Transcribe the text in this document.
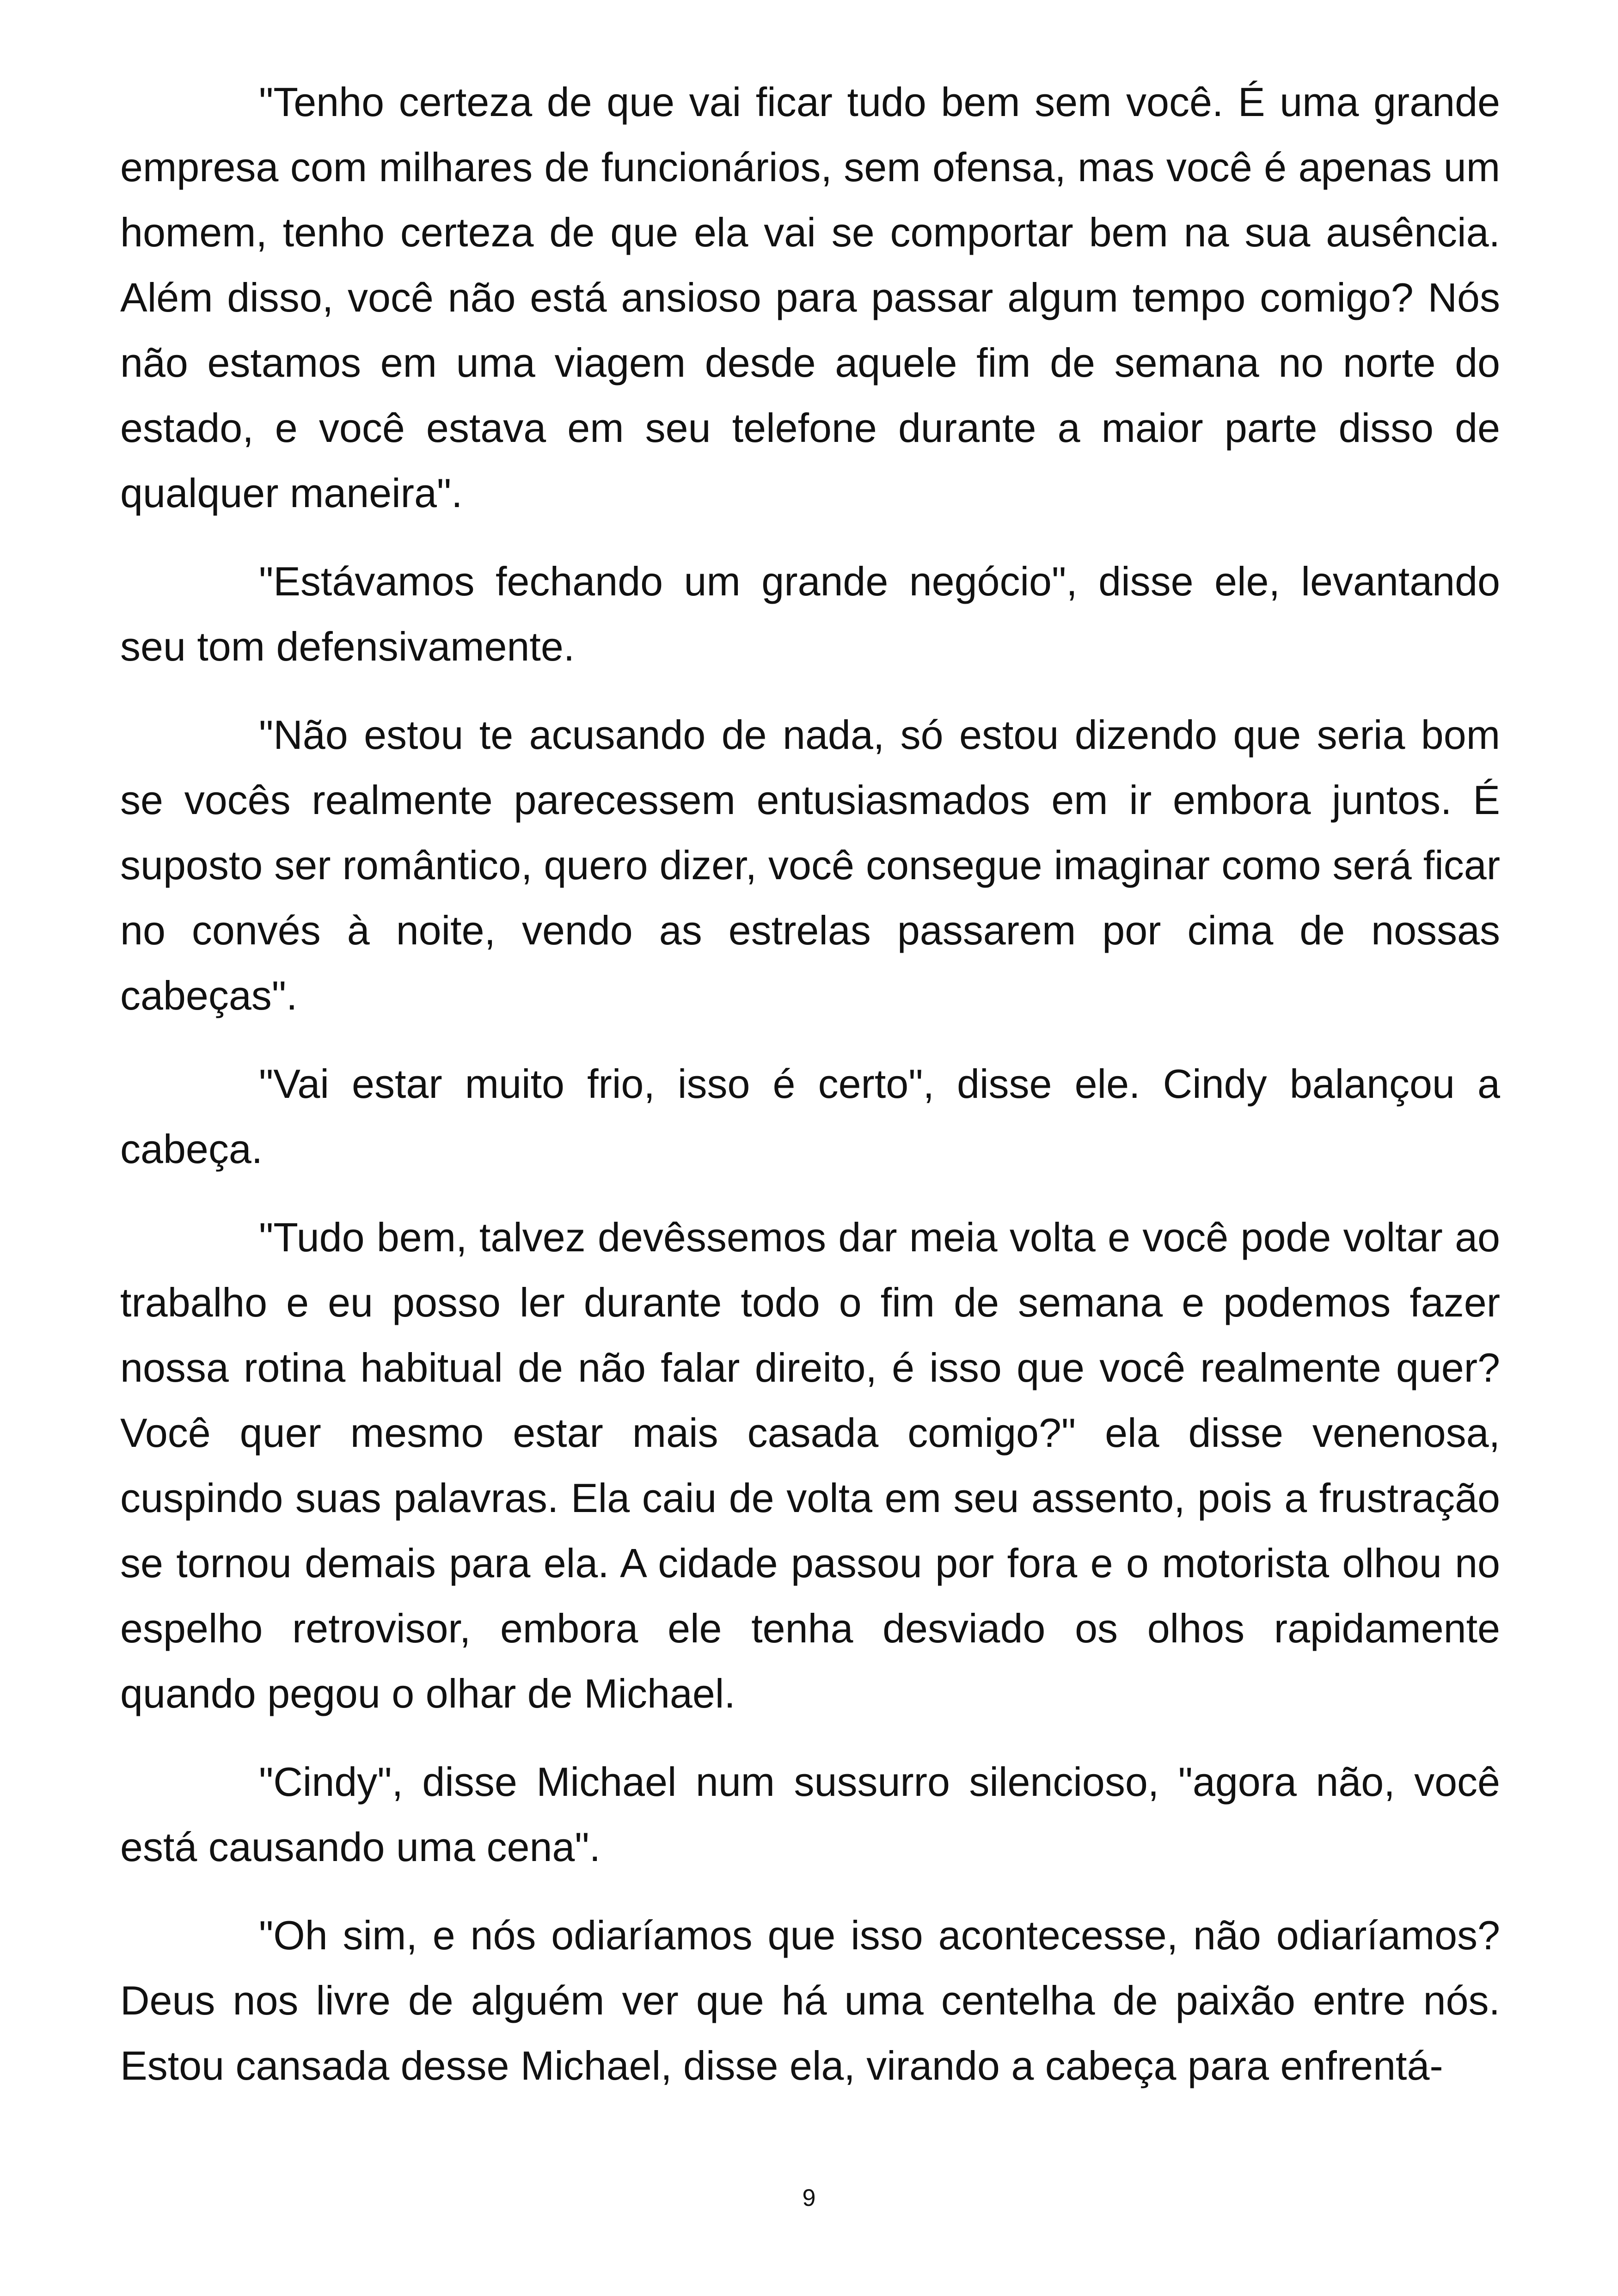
"Tenho certeza de que vai ficar tudo bem sem você. É uma grande empresa com milhares de funcionários, sem ofensa, mas você é apenas um homem, tenho certeza de que ela vai se comportar bem na sua ausência. Além disso, você não está ansioso para passar algum tempo comigo? Nós não estamos em uma viagem desde aquele fim de semana no norte do estado, e você estava em seu telefone durante a maior parte disso de qualquer maneira".

"Estávamos fechando um grande negócio", disse ele, levantando seu tom defensivamente.

"Não estou te acusando de nada, só estou dizendo que seria bom se vocês realmente parecessem entusiasmados em ir embora juntos. É suposto ser romântico, quero dizer, você consegue imaginar como será ficar no convés à noite, vendo as estrelas passarem por cima de nossas cabeças".

"Vai estar muito frio, isso é certo", disse ele. Cindy balançou a cabeça.

"Tudo bem, talvez devêssemos dar meia volta e você pode voltar ao trabalho e eu posso ler durante todo o fim de semana e podemos fazer nossa rotina habitual de não falar direito, é isso que você realmente quer? Você quer mesmo estar mais casada comigo?" ela disse venenosa, cuspindo suas palavras. Ela caiu de volta em seu assento, pois a frustração se tornou demais para ela. A cidade passou por fora e o motorista olhou no espelho retrovisor, embora ele tenha desviado os olhos rapidamente quando pegou o olhar de Michael.

"Cindy", disse Michael num sussurro silencioso, "agora não, você está causando uma cena".

"Oh sim, e nós odiaríamos que isso acontecesse, não odiaríamos? Deus nos livre de alguém ver que há uma centelha de paixão entre nós. Estou cansada desse Michael, disse ela, virando a cabeça para enfrentá-

9
